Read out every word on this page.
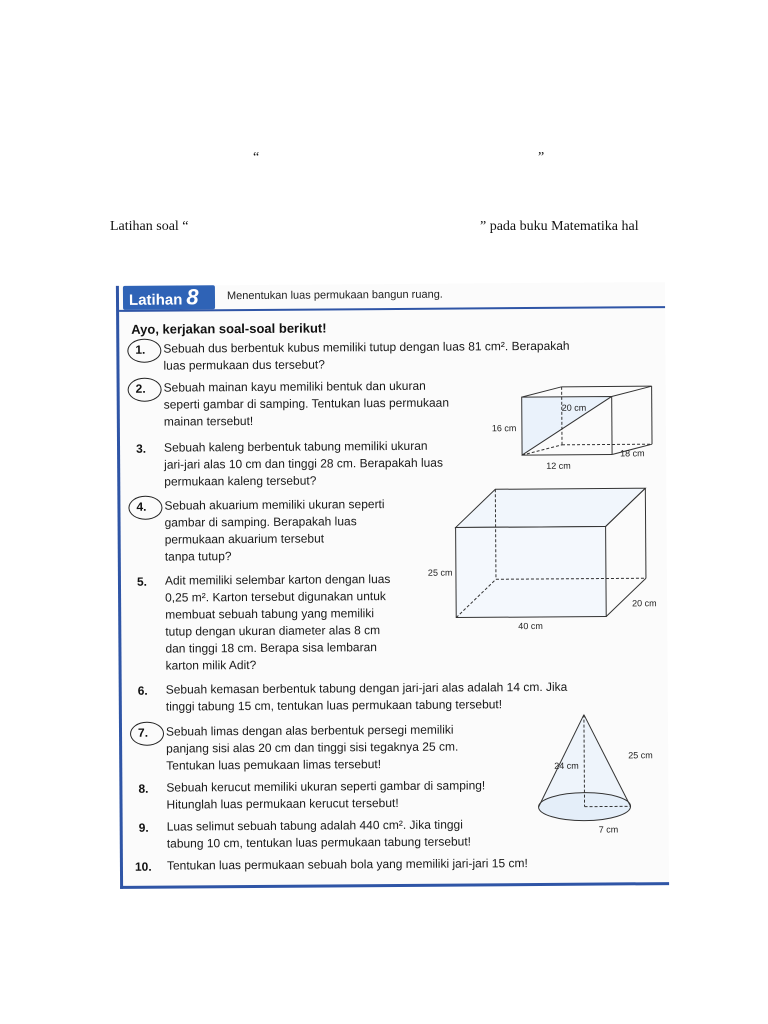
“	”
Latihan soal “	” pada buku Matematika hal
Latihan 8	Menentukan luas permukaan bangun ruang.
Ayo, kerjakan soal-soal berikut!
1. Sebuah dus berbentuk kubus memiliki tutup dengan luas 81 cm². Berapakah
luas permukaan dus tersebut?
2. Sebuah mainan kayu memiliki bentuk dan ukuran
seperti gambar di samping. Tentukan luas permukaan
mainan tersebut!
3. Sebuah kaleng berbentuk tabung memiliki ukuran
jari-jari alas 10 cm dan tinggi 28 cm. Berapakah luas
permukaan kaleng tersebut?
4. Sebuah akuarium memiliki ukuran seperti
gambar di samping. Berapakah luas
permukaan akuarium tersebut
tanpa tutup?
5. Adit memiliki selembar karton dengan luas
0,25 m². Karton tersebut digunakan untuk
membuat sebuah tabung yang memiliki
tutup dengan ukuran diameter alas 8 cm
dan tinggi 18 cm. Berapa sisa lembaran
karton milik Adit?
6. Sebuah kemasan berbentuk tabung dengan jari-jari alas adalah 14 cm. Jika
tinggi tabung 15 cm, tentukan luas permukaan tabung tersebut!
7. Sebuah limas dengan alas berbentuk persegi memiliki
panjang sisi alas 20 cm dan tinggi sisi tegaknya 25 cm.
Tentukan luas pemukaan limas tersebut!
8. Sebuah kerucut memiliki ukuran seperti gambar di samping!
Hitunglah luas permukaan kerucut tersebut!
9. Luas selimut sebuah tabung adalah 440 cm². Jika tinggi
tabung 10 cm, tentukan luas permukaan tabung tersebut!
10. Tentukan luas permukaan sebuah bola yang memiliki jari-jari 15 cm!
16 cm
20 cm
12 cm
18 cm
25 cm
40 cm
20 cm
24 cm
25 cm
7 cm
